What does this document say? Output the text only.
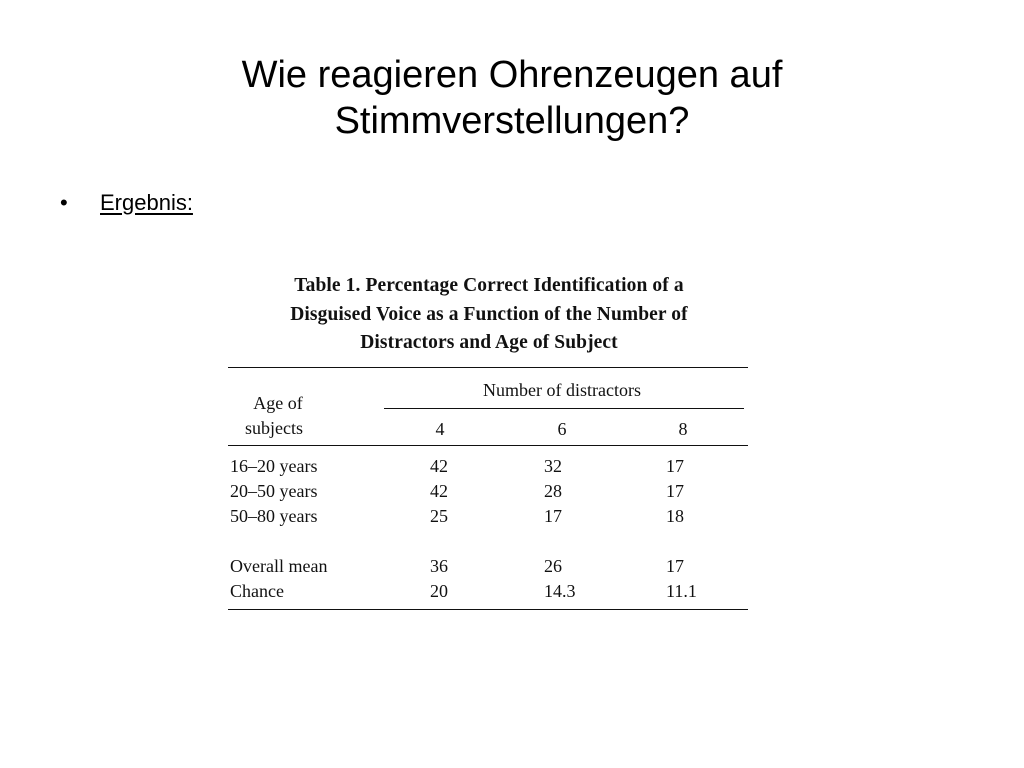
Wie reagieren Ohrenzeugen auf
Stimmverstellungen?
•	Ergebnis:

Table 1. Percentage Correct Identification of a
Disguised Voice as a Function of the Number of
Distractors and Age of Subject

Age of
subjects
Number of distractors
4	6	8
16–20 years	42	32	17
20–50 years	42	28	17
50–80 years	25	17	18
Overall mean	36	26	17
Chance	20	14.3	11.1
